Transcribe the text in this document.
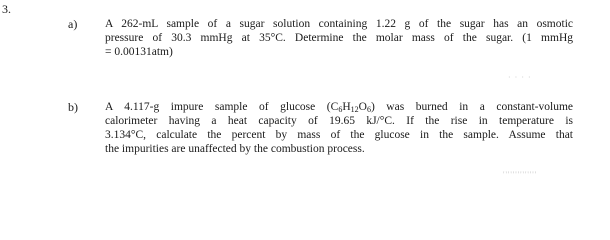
3.
a) A 262-mL sample of a sugar solution containing 1.22 g of the sugar has an osmotic
pressure of 30.3 mmHg at 35°C. Determine the molar mass of the sugar. (1 mmHg
= 0.00131atm)
· · · ·
b) A 4.117-g impure sample of glucose $(C_6H_{12}O_6)$ was burned in a constant-volume
calorimeter having a heat capacity of 19.65 kJ/°C. If the rise in temperature is
3.134°C, calculate the percent by mass of the glucose in the sample. Assume that
the impurities are unaffected by the combustion process.
''''''''''''''
